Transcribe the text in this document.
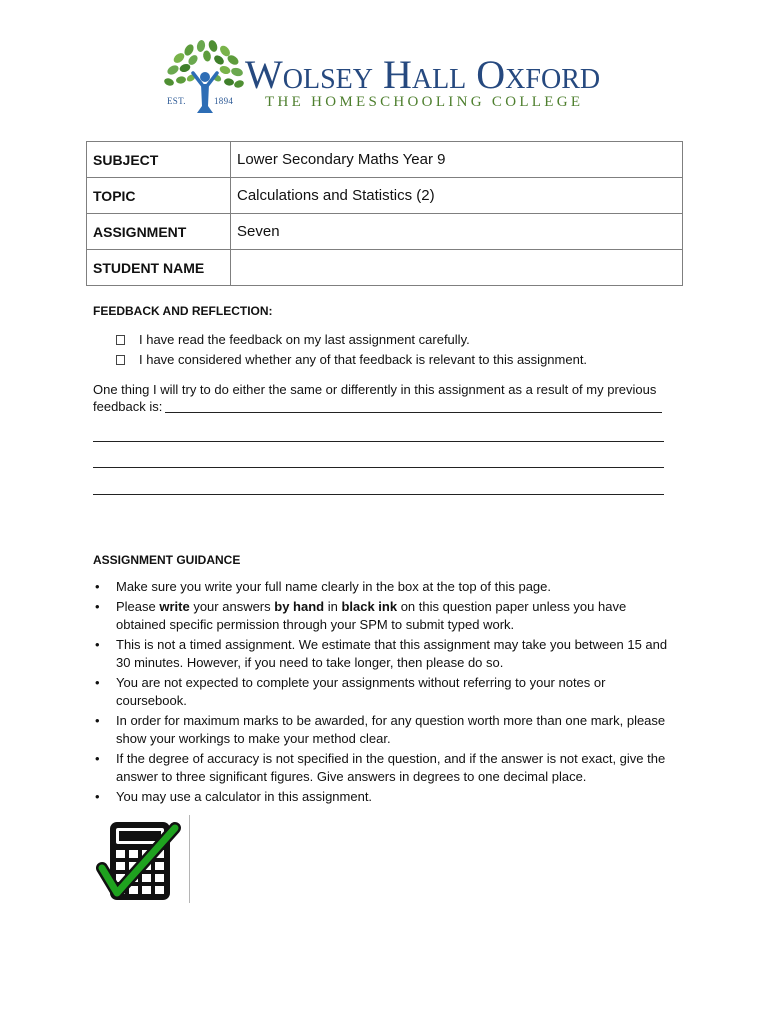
EST.	1894
Wolsey Hall Oxford
THE HOMESCHOOLING COLLEGE
SUBJECT	Lower Secondary Maths Year 9
TOPIC	Calculations and Statistics (2)
ASSIGNMENT	Seven
STUDENT NAME	
FEEDBACK AND REFLECTION:
I have read the feedback on my last assignment carefully.
I have considered whether any of that feedback is relevant to this assignment.
One thing I will try to do either the same or differently in this assignment as a result of my previous feedback is:
ASSIGNMENT GUIDANCE
•
Make sure you write your full name clearly in the box at the top of this page.
•
Please write your answers by hand in black ink on this question paper unless you have obtained specific permission through your SPM to submit typed work.
•
This is not a timed assignment. We estimate that this assignment may take you between 15 and 30 minutes. However, if you need to take longer, then please do so.
•
You are not expected to complete your assignments without referring to your notes or coursebook.
•
In order for maximum marks to be awarded, for any question worth more than one mark, please show your workings to make your method clear.
•
If the degree of accuracy is not specified in the question, and if the answer is not exact, give the answer to three significant figures. Give answers in degrees to one decimal place.
•
You may use a calculator in this assignment.
